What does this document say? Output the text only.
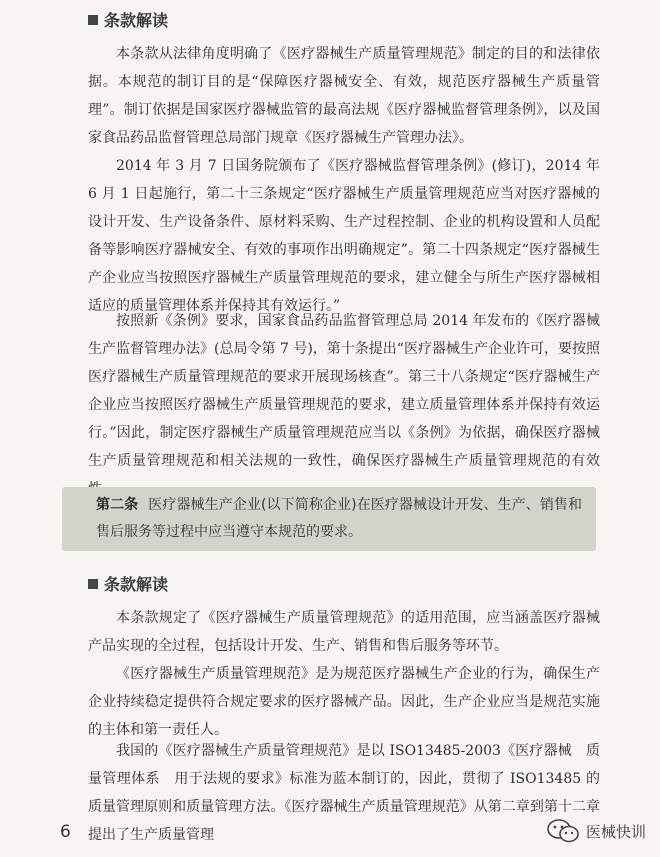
条款解读

本条款从法律角度明确了《医疗器械生产质量管理规范》制定的目的和法律依据。本规范的制订目的是“保障医疗器械安全、有效，规范医疗器械生产质量管理”。制订依据是国家医疗器械监管的最高法规《医疗器械监督管理条例》，以及国家食品药品监督管理总局部门规章《医疗器械生产管理办法》。

2014 年 3 月 7 日国务院颁布了《医疗器械监督管理条例》(修订)，2014 年 6 月 1 日起施行，第二十三条规定“医疗器械生产质量管理规范应当对医疗器械的设计开发、生产设备条件、原材料采购、生产过程控制、企业的机构设置和人员配备等影响医疗器械安全、有效的事项作出明确规定”。第二十四条规定“医疗器械生产企业应当按照医疗器械生产质量管理规范的要求，建立健全与所生产医疗器械相适应的质量管理体系并保持其有效运行。”

按照新《条例》要求，国家食品药品监督管理总局 2014 年发布的《医疗器械生产监督管理办法》(总局令第 7 号)，第十条提出“医疗器械生产企业许可，要按照医疗器械生产质量管理规范的要求开展现场核查”。第三十八条规定“医疗器械生产企业应当按照医疗器械生产质量管理规范的要求，建立质量管理体系并保持有效运行。”因此，制定医疗器械生产质量管理规范应当以《条例》为依据，确保医疗器械生产质量管理规范和相关法规的一致性，确保医疗器械生产质量管理规范的有效

第二条 医疗器械生产企业(以下简称企业)在医疗器械设计开发、生产、销售和售后服务等过程中应当遵守本规范的要求。

条款解读

本条款规定了《医疗器械生产质量管理规范》的适用范围，应当涵盖医疗器械产品实现的全过程，包括设计开发、生产、销售和售后服务等环节。

《医疗器械生产质量管理规范》是为规范医疗器械生产企业的行为，确保生产企业持续稳定提供符合规定要求的医疗器械产品。因此，生产企业应当是规范实施的主体和第一责任人。

我国的《医疗器械生产质量管理规范》是以 ISO13485-2003《医疗器械　质量管理体系　用于法规的要求》标准为蓝本制订的，因此，贯彻了 ISO13485 的质量管理原则和质量管理方法。《医疗器械生产质量管理规范》从第二章到第十二章提出了生产质量管理

6	医械快训
